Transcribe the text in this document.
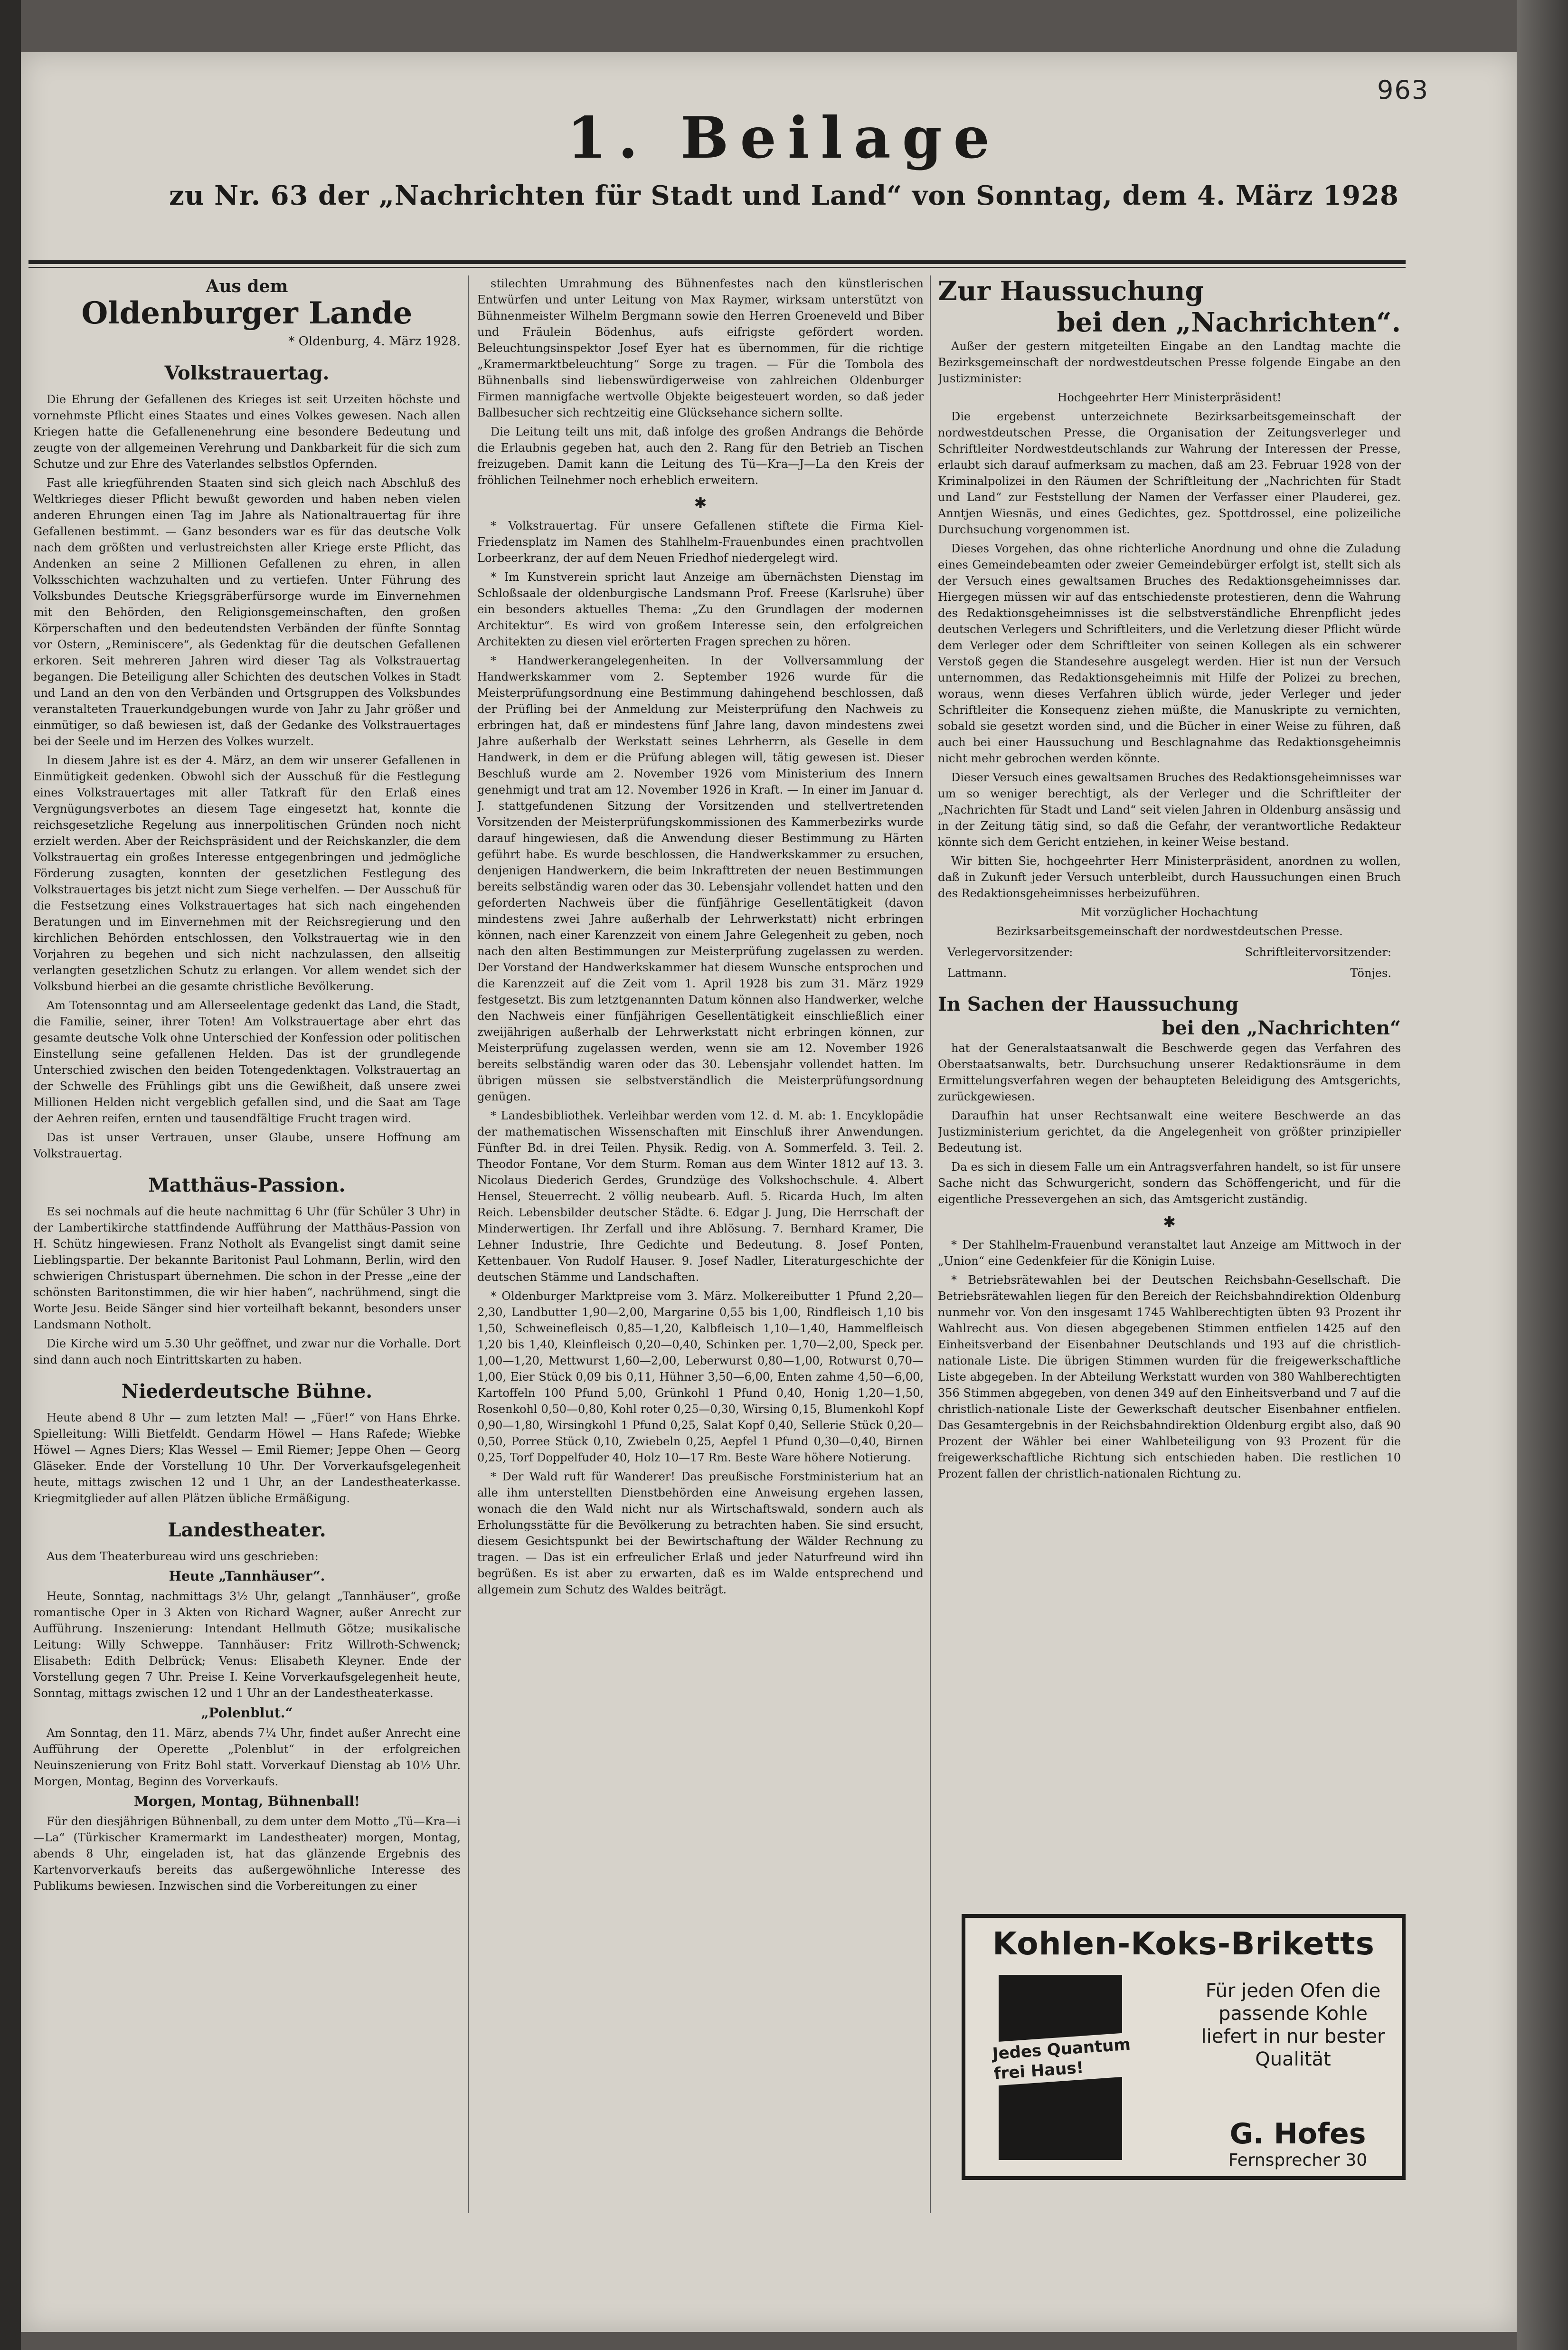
963
1. Beilage
zu Nr. 63 der „Nachrichten für Stadt und Land“ von Sonntag, dem 4. März 1928
Aus dem
Oldenburger Lande
* Oldenburg, 4. März 1928.
Volkstrauertag.

Die Ehrung der Gefallenen des Krieges ist seit Urzeiten höchste und vornehmste Pflicht eines Staates und eines Volkes gewesen. Nach allen Kriegen hatte die Gefallenenehrung eine besondere Bedeutung und zeugte von der allgemeinen Verehrung und Dankbarkeit für die sich zum Schutze und zur Ehre des Vaterlandes selbstlos Opfernden.

Fast alle kriegführenden Staaten sind sich gleich nach Abschluß des Weltkrieges dieser Pflicht bewußt geworden und haben neben vielen anderen Ehrungen einen Tag im Jahre als Nationaltrauertag für ihre Gefallenen bestimmt. — Ganz besonders war es für das deutsche Volk nach dem größten und verlustreichsten aller Kriege erste Pflicht, das Andenken an seine 2 Millionen Gefallenen zu ehren, in allen Volksschichten wachzuhalten und zu vertiefen. Unter Führung des Volksbundes Deutsche Kriegsgräberfürsorge wurde im Einvernehmen mit den Behörden, den Religionsgemeinschaften, den großen Körperschaften und den bedeutendsten Verbänden der fünfte Sonntag vor Ostern, „Reminiscere“, als Gedenktag für die deutschen Gefallenen erkoren. Seit mehreren Jahren wird dieser Tag als Volkstrauertag begangen. Die Beteiligung aller Schichten des deutschen Volkes in Stadt und Land an den von den Verbänden und Ortsgruppen des Volksbundes veranstalteten Trauerkundgebungen wurde von Jahr zu Jahr größer und einmütiger, so daß bewiesen ist, daß der Gedanke des Volkstrauertages bei der Seele und im Herzen des Volkes wurzelt.

In diesem Jahre ist es der 4. März, an dem wir unserer Gefallenen in Einmütigkeit gedenken. Obwohl sich der Ausschuß für die Festlegung eines Volkstrauertages mit aller Tatkraft für den Erlaß eines Vergnügungsverbotes an diesem Tage eingesetzt hat, konnte die reichsgesetzliche Regelung aus innerpolitischen Gründen noch nicht erzielt werden. Aber der Reichspräsident und der Reichskanzler, die dem Volkstrauertag ein großes Interesse entgegenbringen und jedmögliche Förderung zusagten, konnten der gesetzlichen Festlegung des Volkstrauertages bis jetzt nicht zum Siege verhelfen. — Der Ausschuß für die Festsetzung eines Volkstrauertages hat sich nach eingehenden Beratungen und im Einvernehmen mit der Reichsregierung und den kirchlichen Behörden entschlossen, den Volkstrauertag wie in den Vorjahren zu begehen und sich nicht nachzulassen, den allseitig verlangten gesetzlichen Schutz zu erlangen. Vor allem wendet sich der Volksbund hierbei an die gesamte christliche Bevölkerung.

Am Totensonntag und am Allerseelentage gedenkt das Land, die Stadt, die Familie, seiner, ihrer Toten! Am Volkstrauertage aber ehrt das gesamte deutsche Volk ohne Unterschied der Konfession oder politischen Einstellung seine gefallenen Helden. Das ist der grundlegende Unterschied zwischen den beiden Totengedenktagen. Volkstrauertag an der Schwelle des Frühlings gibt uns die Gewißheit, daß unsere zwei Millionen Helden nicht vergeblich gefallen sind, und die Saat am Tage der Aehren reifen, ernten und tausendfältige Frucht tragen wird.

Das ist unser Vertrauen, unser Glaube, unsere Hoffnung am Volkstrauertag.

Matthäus-Passion.

Es sei nochmals auf die heute nachmittag 6 Uhr (für Schüler 3 Uhr) in der Lambertikirche stattfindende Aufführung der Matthäus-Passion von H. Schütz hingewiesen. Franz Notholt als Evangelist singt damit seine Lieblingspartie. Der bekannte Baritonist Paul Lohmann, Berlin, wird den schwierigen Christuspart übernehmen. Die schon in der Presse „eine der schönsten Baritonstimmen, die wir hier haben“, nachrühmend, singt die Worte Jesu. Beide Sänger sind hier vorteilhaft bekannt, besonders unser Landsmann Notholt.

Die Kirche wird um 5.30 Uhr geöffnet, und zwar nur die Vorhalle. Dort sind dann auch noch Eintrittskarten zu haben.

Niederdeutsche Bühne.

Heute abend 8 Uhr — zum letzten Mal! — „Füer!“ von Hans Ehrke. Spielleitung: Willi Bietfeldt. Gendarm Höwel — Hans Rafede; Wiebke Höwel — Agnes Diers; Klas Wessel — Emil Riemer; Jeppe Ohen — Georg Gläseker. Ende der Vorstellung 10 Uhr. Der Vorverkaufsgelegenheit heute, mittags zwischen 12 und 1 Uhr, an der Landestheaterkasse. Kriegmitglieder auf allen Plätzen übliche Ermäßigung.

Landestheater.

Aus dem Theaterbureau wird uns geschrieben:

Heute „Tannhäuser“.

Heute, Sonntag, nachmittags 3½ Uhr, gelangt „Tannhäuser“, große romantische Oper in 3 Akten von Richard Wagner, außer Anrecht zur Aufführung. Inszenierung: Intendant Hellmuth Götze; musikalische Leitung: Willy Schweppe. Tannhäuser: Fritz Willroth-Schwenck; Elisabeth: Edith Delbrück; Venus: Elisabeth Kleyner. Ende der Vorstellung gegen 7 Uhr. Preise I. Keine Vorverkaufsgelegenheit heute, Sonntag, mittags zwischen 12 und 1 Uhr an der Landestheaterkasse.

„Polenblut.“

Am Sonntag, den 11. März, abends 7¼ Uhr, findet außer Anrecht eine Aufführung der Operette „Polenblut“ in der erfolgreichen Neuinszenierung von Fritz Bohl statt. Vorverkauf Dienstag ab 10½ Uhr. Morgen, Montag, Beginn des Vorverkaufs.

Morgen, Montag, Bühnenball!

Für den diesjährigen Bühnenball, zu dem unter dem Motto „Tü—Kra—i—La“ (Türkischer Kramermarkt im Landestheater) morgen, Montag, abends 8 Uhr, eingeladen ist, hat das glänzende Ergebnis des Kartenvorverkaufs bereits das außergewöhnliche Interesse des Publikums bewiesen. Inzwischen sind die Vorbereitungen zu einer

stilechten Umrahmung des Bühnenfestes nach den künstlerischen Entwürfen und unter Leitung von Max Raymer, wirksam unterstützt von Bühnenmeister Wilhelm Bergmann sowie den Herren Groeneveld und Biber und Fräulein Bödenhus, aufs eifrigste gefördert worden. Beleuchtungsinspektor Josef Eyer hat es übernommen, für die richtige „Kramermarktbeleuchtung“ Sorge zu tragen. — Für die Tombola des Bühnenballs sind liebenswürdigerweise von zahlreichen Oldenburger Firmen mannigfache wertvolle Objekte beigesteuert worden, so daß jeder Ballbesucher sich rechtzeitig eine Glücksehance sichern sollte.

Die Leitung teilt uns mit, daß infolge des großen Andrangs die Behörde die Erlaubnis gegeben hat, auch den 2. Rang für den Betrieb an Tischen freizugeben. Damit kann die Leitung des Tü—Kra—J—La den Kreis der fröhlichen Teilnehmer noch erheblich erweitern.

✱

* Volkstrauertag. Für unsere Gefallenen stiftete die Firma Kiel-Friedensplatz im Namen des Stahlhelm-Frauenbundes einen prachtvollen Lorbeerkranz, der auf dem Neuen Friedhof niedergelegt wird.

* Im Kunstverein spricht laut Anzeige am übernächsten Dienstag im Schloßsaale der oldenburgische Landsmann Prof. Freese (Karlsruhe) über ein besonders aktuelles Thema: „Zu den Grundlagen der modernen Architektur“. Es wird von großem Interesse sein, den erfolgreichen Architekten zu diesen viel erörterten Fragen sprechen zu hören.

* Handwerkerangelegenheiten. In der Vollversammlung der Handwerkskammer vom 2. September 1926 wurde für die Meisterprüfungsordnung eine Bestimmung dahingehend beschlossen, daß der Prüfling bei der Anmeldung zur Meisterprüfung den Nachweis zu erbringen hat, daß er mindestens fünf Jahre lang, davon mindestens zwei Jahre außerhalb der Werkstatt seines Lehrherrn, als Geselle in dem Handwerk, in dem er die Prüfung ablegen will, tätig gewesen ist. Dieser Beschluß wurde am 2. November 1926 vom Ministerium des Innern genehmigt und trat am 12. November 1926 in Kraft. — In einer im Januar d. J. stattgefundenen Sitzung der Vorsitzenden und stellvertretenden Vorsitzenden der Meisterprüfungskommissionen des Kammerbezirks wurde darauf hingewiesen, daß die Anwendung dieser Bestimmung zu Härten geführt habe. Es wurde beschlossen, die Handwerkskammer zu ersuchen, denjenigen Handwerkern, die beim Inkrafttreten der neuen Bestimmungen bereits selbständig waren oder das 30. Lebensjahr vollendet hatten und den geforderten Nachweis über die fünfjährige Gesellentätigkeit (davon mindestens zwei Jahre außerhalb der Lehrwerkstatt) nicht erbringen können, nach einer Karenzzeit von einem Jahre Gelegenheit zu geben, noch nach den alten Bestimmungen zur Meisterprüfung zugelassen zu werden. Der Vorstand der Handwerkskammer hat diesem Wunsche entsprochen und die Karenzzeit auf die Zeit vom 1. April 1928 bis zum 31. März 1929 festgesetzt. Bis zum letztgenannten Datum können also Handwerker, welche den Nachweis einer fünfjährigen Gesellentätigkeit einschließlich einer zweijährigen außerhalb der Lehrwerkstatt nicht erbringen können, zur Meisterprüfung zugelassen werden, wenn sie am 12. November 1926 bereits selbständig waren oder das 30. Lebensjahr vollendet hatten. Im übrigen müssen sie selbstverständlich die Meisterprüfungsordnung genügen.

* Landesbibliothek. Verleihbar werden vom 12. d. M. ab: 1. Encyklopädie der mathematischen Wissenschaften mit Einschluß ihrer Anwendungen. Fünfter Bd. in drei Teilen. Physik. Redig. von A. Sommerfeld. 3. Teil. 2. Theodor Fontane, Vor dem Sturm. Roman aus dem Winter 1812 auf 13. 3. Nicolaus Diederich Gerdes, Grundzüge des Volkshochschule. 4. Albert Hensel, Steuerrecht. 2 völlig neubearb. Aufl. 5. Ricarda Huch, Im alten Reich. Lebensbilder deutscher Städte. 6. Edgar J. Jung, Die Herrschaft der Minderwertigen. Ihr Zerfall und ihre Ablösung. 7. Bernhard Kramer, Die Lehner Industrie, Ihre Gedichte und Bedeutung. 8. Josef Ponten, Kettenbauer. Von Rudolf Hauser. 9. Josef Nadler, Literaturgeschichte der deutschen Stämme und Landschaften.

* Oldenburger Marktpreise vom 3. März. Molkereibutter 1 Pfund 2,20—2,30, Landbutter 1,90—2,00, Margarine 0,55 bis 1,00, Rindfleisch 1,10 bis 1,50, Schweinefleisch 0,85—1,20, Kalbfleisch 1,10—1,40, Hammelfleisch 1,20 bis 1,40, Kleinfleisch 0,20—0,40, Schinken per. 1,70—2,00, Speck per. 1,00—1,20, Mettwurst 1,60—2,00, Leberwurst 0,80—1,00, Rotwurst 0,70—1,00, Eier Stück 0,09 bis 0,11, Hühner 3,50—6,00, Enten zahme 4,50—6,00, Kartoffeln 100 Pfund 5,00, Grünkohl 1 Pfund 0,40, Honig 1,20—1,50, Rosenkohl 0,50—0,80, Kohl roter 0,25—0,30, Wirsing 0,15, Blumenkohl Kopf 0,90—1,80, Wirsingkohl 1 Pfund 0,25, Salat Kopf 0,40, Sellerie Stück 0,20—0,50, Porree Stück 0,10, Zwiebeln 0,25, Aepfel 1 Pfund 0,30—0,40, Birnen 0,25, Torf Doppelfuder 40, Holz 10—17 Rm. Beste Ware höhere Notierung.

* Der Wald ruft für Wanderer! Das preußische Forstministerium hat an alle ihm unterstellten Dienstbehörden eine Anweisung ergehen lassen, wonach die den Wald nicht nur als Wirtschaftswald, sondern auch als Erholungsstätte für die Bevölkerung zu betrachten haben. Sie sind ersucht, diesem Gesichtspunkt bei der Bewirtschaftung der Wälder Rechnung zu tragen. — Das ist ein erfreulicher Erlaß und jeder Naturfreund wird ihn begrüßen. Es ist aber zu erwarten, daß es im Walde entsprechend und allgemein zum Schutz des Waldes beiträgt.

Zur Haussuchung
bei den „Nachrichten“.

Außer der gestern mitgeteilten Eingabe an den Landtag machte die Bezirksgemeinschaft der nordwestdeutschen Presse folgende Eingabe an den Justizminister:

Hochgeehrter Herr Ministerpräsident!

Die ergebenst unterzeichnete Bezirksarbeitsgemeinschaft der nordwestdeutschen Presse, die Organisation der Zeitungsverleger und Schriftleiter Nordwestdeutschlands zur Wahrung der Interessen der Presse, erlaubt sich darauf aufmerksam zu machen, daß am 23. Februar 1928 von der Kriminalpolizei in den Räumen der Schriftleitung der „Nachrichten für Stadt und Land“ zur Feststellung der Namen der Verfasser einer Plauderei, gez. Anntjen Wiesnäs, und eines Gedichtes, gez. Spottdrossel, eine polizeiliche Durchsuchung vorgenommen ist.

Dieses Vorgehen, das ohne richterliche Anordnung und ohne die Zuladung eines Gemeindebeamten oder zweier Gemeindebürger erfolgt ist, stellt sich als der Versuch eines gewaltsamen Bruches des Redaktionsgeheimnisses dar. Hiergegen müssen wir auf das entschiedenste protestieren, denn die Wahrung des Redaktionsgeheimnisses ist die selbstverständliche Ehrenpflicht jedes deutschen Verlegers und Schriftleiters, und die Verletzung dieser Pflicht würde dem Verleger oder dem Schriftleiter von seinen Kollegen als ein schwerer Verstoß gegen die Standesehre ausgelegt werden. Hier ist nun der Versuch unternommen, das Redaktionsgeheimnis mit Hilfe der Polizei zu brechen, woraus, wenn dieses Verfahren üblich würde, jeder Verleger und jeder Schriftleiter die Konsequenz ziehen müßte, die Manuskripte zu vernichten, sobald sie gesetzt worden sind, und die Bücher in einer Weise zu führen, daß auch bei einer Haussuchung und Beschlagnahme das Redaktionsgeheimnis nicht mehr gebrochen werden könnte.

Dieser Versuch eines gewaltsamen Bruches des Redaktionsgeheimnisses war um so weniger berechtigt, als der Verleger und die Schriftleiter der „Nachrichten für Stadt und Land“ seit vielen Jahren in Oldenburg ansässig und in der Zeitung tätig sind, so daß die Gefahr, der verantwortliche Redakteur könnte sich dem Gericht entziehen, in keiner Weise bestand.

Wir bitten Sie, hochgeehrter Herr Ministerpräsident, anordnen zu wollen, daß in Zukunft jeder Versuch unterbleibt, durch Haussuchungen einen Bruch des Redaktionsgeheimnisses herbeizuführen.

Mit vorzüglicher Hochachtung

Bezirksarbeitsgemeinschaft der nordwestdeutschen Presse.

Verlegervorsitzender:	Schriftleitervorsitzender:
Lattmann.	Tönjes.
In Sachen der Haussuchung
bei den „Nachrichten“

hat der Generalstaatsanwalt die Beschwerde gegen das Verfahren des Oberstaatsanwalts, betr. Durchsuchung unserer Redaktionsräume in dem Ermittelungsverfahren wegen der behaupteten Beleidigung des Amtsgerichts, zurückgewiesen.

Daraufhin hat unser Rechtsanwalt eine weitere Beschwerde an das Justizministerium gerichtet, da die Angelegenheit von größter prinzipieller Bedeutung ist.

Da es sich in diesem Falle um ein Antragsverfahren handelt, so ist für unsere Sache nicht das Schwurgericht, sondern das Schöffengericht, und für die eigentliche Pressevergehen an sich, das Amtsgericht zuständig.

✱

* Der Stahlhelm-Frauenbund veranstaltet laut Anzeige am Mittwoch in der „Union“ eine Gedenkfeier für die Königin Luise.

* Betriebsrätewahlen bei der Deutschen Reichsbahn-Gesellschaft. Die Betriebsrätewahlen liegen für den Bereich der Reichsbahndirektion Oldenburg nunmehr vor. Von den insgesamt 1745 Wahlberechtigten übten 93 Prozent ihr Wahlrecht aus. Von diesen abgegebenen Stimmen entfielen 1425 auf den Einheitsverband der Eisenbahner Deutschlands und 193 auf die christlich-nationale Liste. Die übrigen Stimmen wurden für die freigewerkschaftliche Liste abgegeben. In der Abteilung Werkstatt wurden von 380 Wahlberechtigten 356 Stimmen abgegeben, von denen 349 auf den Einheitsverband und 7 auf die christlich-nationale Liste der Gewerkschaft deutscher Eisenbahner entfielen. Das Gesamtergebnis in der Reichsbahndirektion Oldenburg ergibt also, daß 90 Prozent der Wähler bei einer Wahlbeteiligung von 93 Prozent für die freigewerkschaftliche Richtung sich entschieden haben. Die restlichen 10 Prozent fallen der christlich-nationalen Richtung zu.

Kohlen-Koks-Briketts
Jedes Quantum frei Haus!
Für jeden Ofen die passende Kohle liefert in nur bester Qualität
G. Hofes
Fernsprecher 30
